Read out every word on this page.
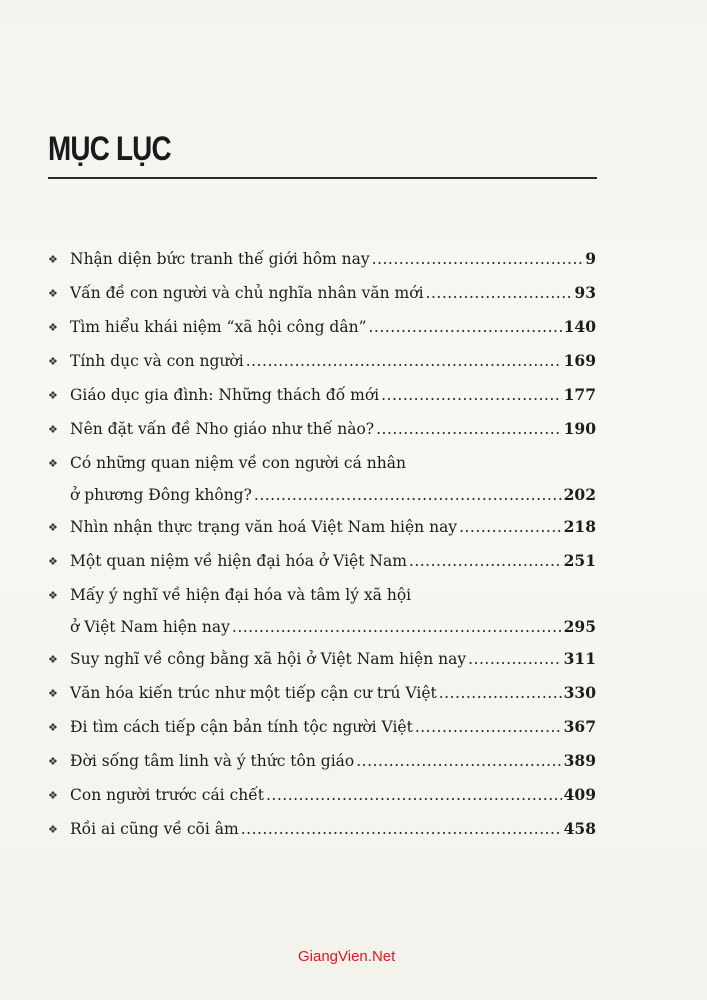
MỤC LỤC
❖ Nhận diện bức tranh thế giới hôm nay .....	9
❖ Vấn đề con người và chủ nghĩa nhân văn mới .....	93
❖ Tìm hiểu khái niệm “xã hội công dân” .....	140
❖ Tính dục và con người .....	169
❖ Giáo dục gia đình: Những thách đố mới .....	177
❖ Nên đặt vấn đề Nho giáo như thế nào? .....	190
❖ Có những quan niệm về con người cá nhân
ở phương Đông không? .....	202
❖ Nhìn nhận thực trạng văn hoá Việt Nam hiện nay .....	218
❖ Một quan niệm về hiện đại hóa ở Việt Nam .....	251
❖ Mấy ý nghĩ về hiện đại hóa và tâm lý xã hội
ở Việt Nam hiện nay .....	295
❖ Suy nghĩ về công bằng xã hội ở Việt Nam hiện nay .....	311
❖ Văn hóa kiến trúc như một tiếp cận cư trú Việt .....	330
❖ Đi tìm cách tiếp cận bản tính tộc người Việt .....	367
❖ Đời sống tâm linh và ý thức tôn giáo .....	389
❖ Con người trước cái chết .....	409
❖ Rồi ai cũng về cõi âm .....	458
GiangVien.Net
